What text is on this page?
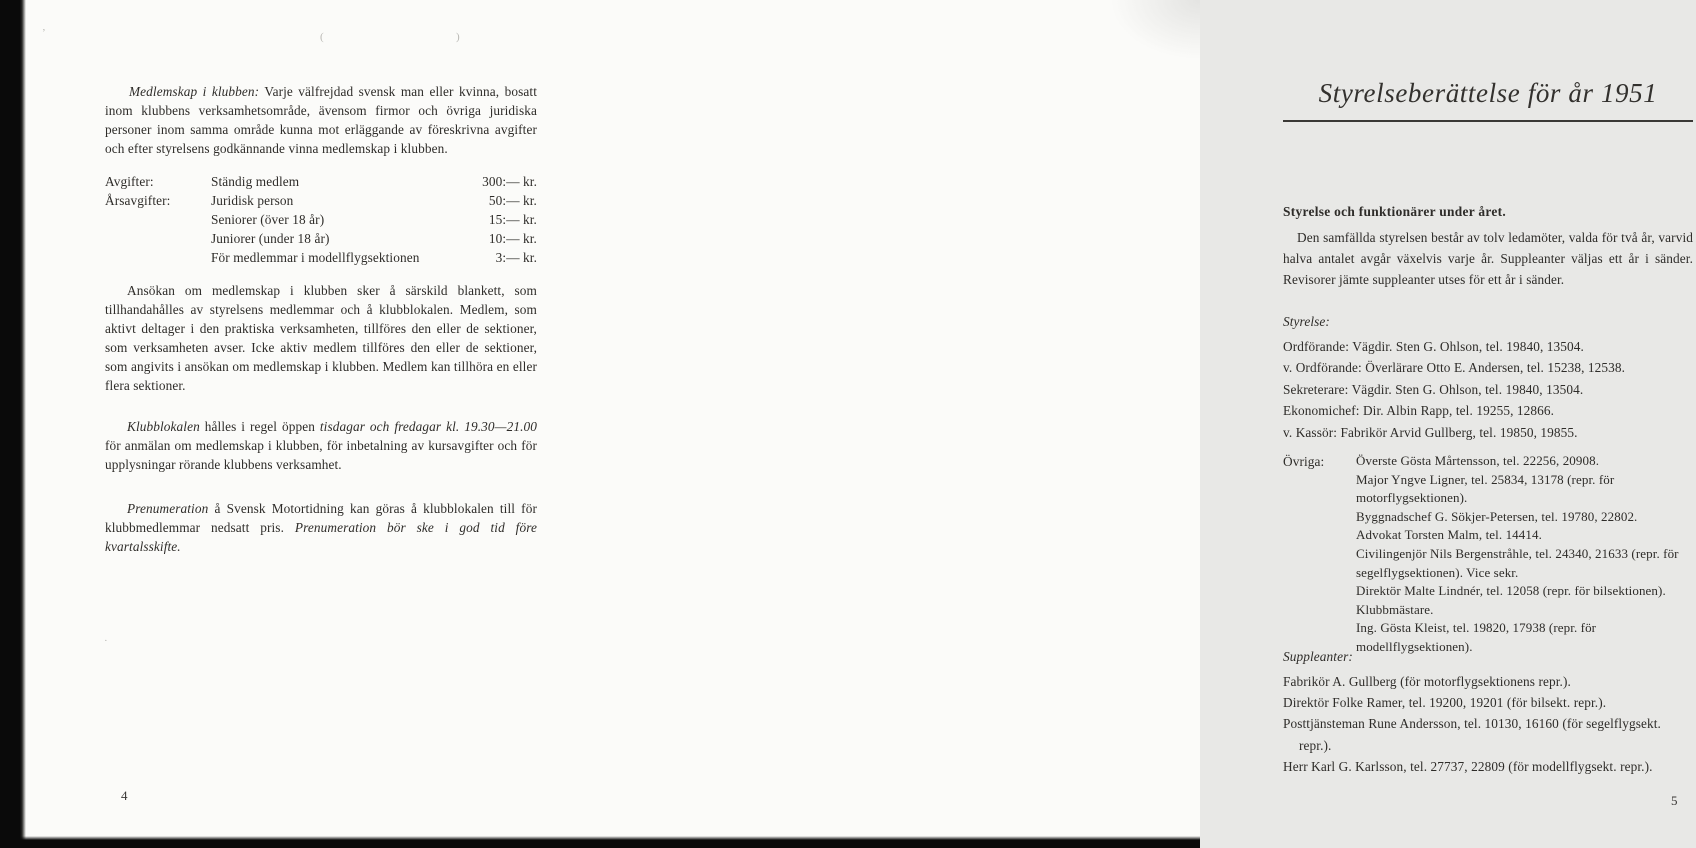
’	(	)
·

Medlemskap i klubben: Varje välfrejdad svensk man eller kvinna, bosatt inom klubbens verksamhetsområde, ävensom firmor och övriga juridiska personer inom samma område kunna mot erläggande av föreskrivna avgifter och efter styrelsens godkännande vinna medlemskap i klubben.

Avgifter:	Ständig medlem	300:— kr.
Årsavgifter:	Juridisk person	50:— kr.
Seniorer (över 18 år)	15:— kr.
Juniorer (under 18 år)	10:— kr.
För medlemmar i modellflygsektionen	3:— kr.

Ansökan om medlemskap i klubben sker å särskild blankett, som tillhandahålles av styrelsens medlemmar och å klubblokalen. Medlem, som aktivt deltager i den praktiska verksamheten, tillföres den eller de sektioner, som verksamheten avser. Icke aktiv medlem tillföres den eller de sektioner, som angivits i ansökan om medlemskap i klubben. Medlem kan tillhöra en eller flera sektioner.

Klubblokalen hålles i regel öppen tisdagar och fredagar kl. 19.30—21.00 för anmälan om medlemskap i klubben, för inbetalning av kursavgifter och för upplysningar rörande klubbens verksamhet.

Prenumeration å Svensk Motortidning kan göras å klubblokalen till för klubbmedlemmar nedsatt pris. Prenumeration bör ske i god tid före kvartalsskifte.

4
Styrelseberättelse för år 1951
Styrelse och funktionärer under året.

Den samfällda styrelsen består av tolv ledamöter, valda för två år, varvid halva antalet avgår växelvis varje år. Suppleanter väljas ett år i sänder. Revisorer jämte suppleanter utses för ett år i sänder.

Styrelse:
Ordförande: Vägdir. Sten G. Ohlson, tel. 19840, 13504.
v. Ordförande: Överlärare Otto E. Andersen, tel. 15238, 12538.
Sekreterare: Vägdir. Sten G. Ohlson, tel. 19840, 13504.
Ekonomichef: Dir. Albin Rapp, tel. 19255, 12866.
v. Kassör: Fabrikör Arvid Gullberg, tel. 19850, 19855.
Övriga: Överste Gösta Mårtensson, tel. 22256, 20908.
Major Yngve Ligner, tel. 25834, 13178 (repr. för motorflygsektionen).
Byggnadschef G. Sökjer-Petersen, tel. 19780, 22802.
Advokat Torsten Malm, tel. 14414.
Civilingenjör Nils Bergenstråhle, tel. 24340, 21633 (repr. för segelflygsektionen). Vice sekr.
Direktör Malte Lindnér, tel. 12058 (repr. för bilsektionen). Klubbmästare.
Ing. Gösta Kleist, tel. 19820, 17938 (repr. för modellflygsektionen).
Suppleanter:
Fabrikör A. Gullberg (för motorflygsektionens repr.).
Direktör Folke Ramer, tel. 19200, 19201 (för bilsekt. repr.).
Posttjänsteman Rune Andersson, tel. 10130, 16160 (för segelflygsekt. repr.).
Herr Karl G. Karlsson, tel. 27737, 22809 (för modellflygsekt. repr.).
5
